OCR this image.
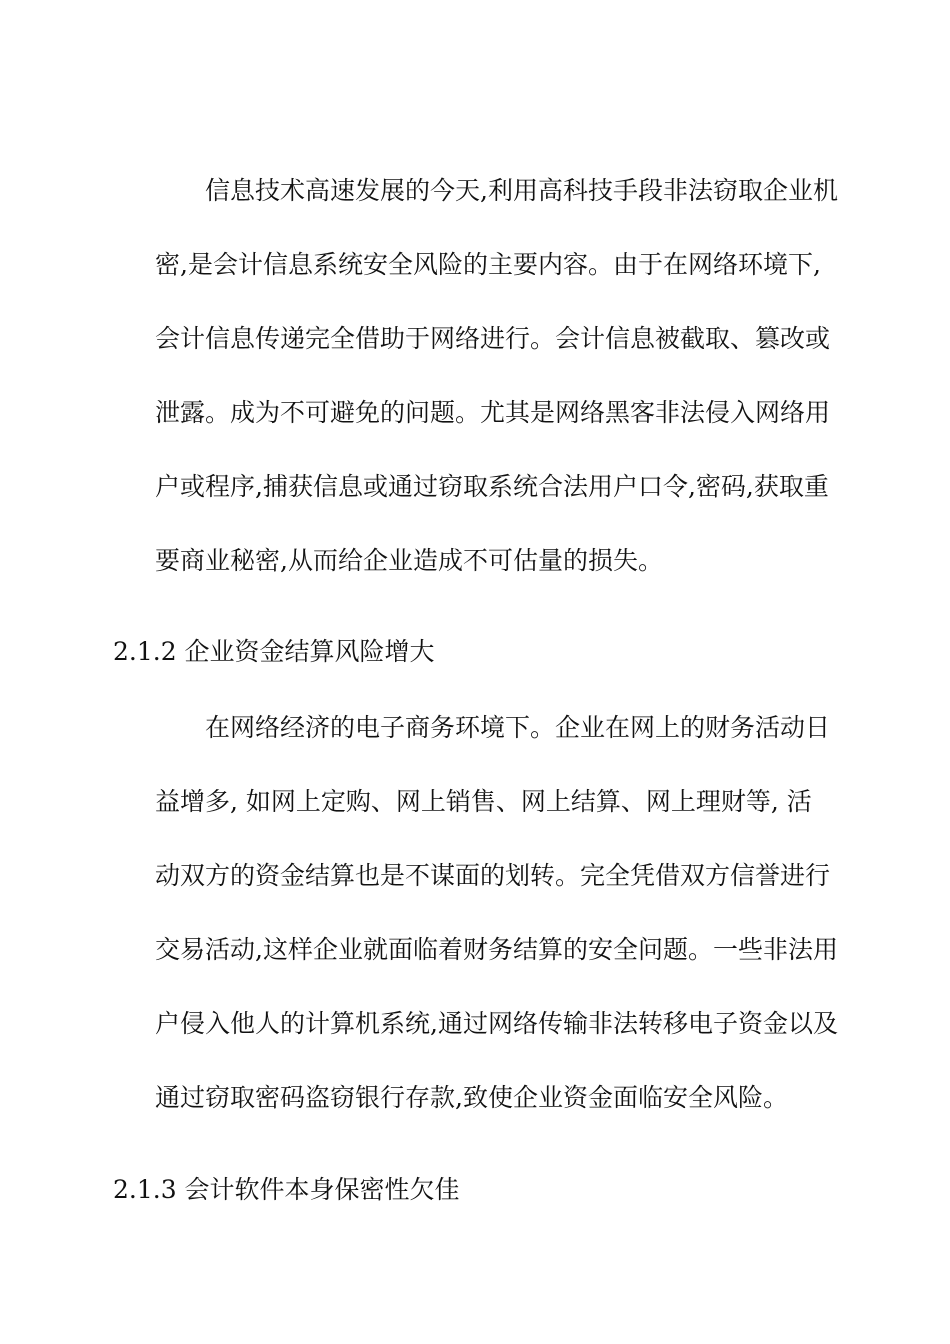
信息技术高速发展的今天,利用高科技手段非法窃取企业机
密,是会计信息系统安全风险的主要内容。由于在网络环境下,
会计信息传递完全借助于网络进行。会计信息被截取、篡改或
泄露。成为不可避免的问题。尤其是网络黑客非法侵入网络用
户或程序,捕获信息或通过窃取系统合法用户口令,密码,获取重
要商业秘密,从而给企业造成不可估量的损失。
2.1.2 企业资金结算风险增大
在网络经济的电子商务环境下。企业在网上的财务活动日
益增多, 如网上定购、网上销售、网上结算、网上理财等, 活
动双方的资金结算也是不谋面的划转。完全凭借双方信誉进行
交易活动,这样企业就面临着财务结算的安全问题。一些非法用
户侵入他人的计算机系统,通过网络传输非法转移电子资金以及
通过窃取密码盗窃银行存款,致使企业资金面临安全风险。
2.1.3 会计软件本身保密性欠佳
